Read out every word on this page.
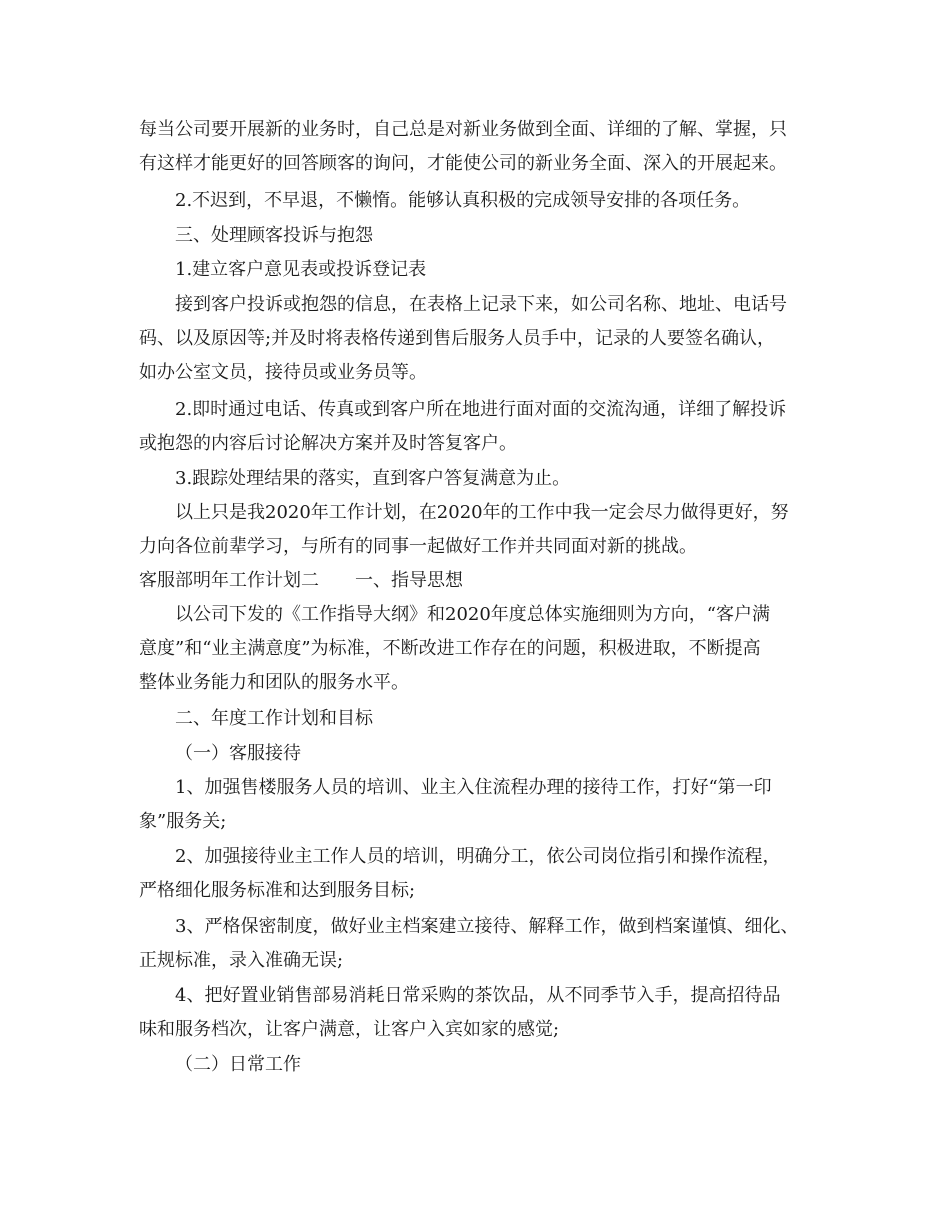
每当公司要开展新的业务时，自己总是对新业务做到全面、详细的了解、掌握，只
有这样才能更好的回答顾客的询问，才能使公司的新业务全面、深入的开展起来。
2.不迟到，不早退，不懒惰。能够认真积极的完成领导安排的各项任务。
三、处理顾客投诉与抱怨
1.建立客户意见表或投诉登记表
接到客户投诉或抱怨的信息，在表格上记录下来，如公司名称、地址、电话号
码、以及原因等;并及时将表格传递到售后服务人员手中，记录的人要签名确认，
如办公室文员，接待员或业务员等。
2.即时通过电话、传真或到客户所在地进行面对面的交流沟通，详细了解投诉
或抱怨的内容后讨论解决方案并及时答复客户。
3.跟踪处理结果的落实，直到客户答复满意为止。
以上只是我2020年工作计划，在2020年的工作中我一定会尽力做得更好，努
力向各位前辈学习，与所有的同事一起做好工作并共同面对新的挑战。
客服部明年工作计划二　　一、指导思想
以公司下发的《工作指导大纲》和2020年度总体实施细则为方向，“客户满
意度”和“业主满意度”为标准，不断改进工作存在的问题，积极进取，不断提高
整体业务能力和团队的服务水平。
二、年度工作计划和目标
（一）客服接待
1、加强售楼服务人员的培训、业主入住流程办理的接待工作，打好“第一印
象”服务关;
2、加强接待业主工作人员的培训，明确分工，依公司岗位指引和操作流程，
严格细化服务标准和达到服务目标;
3、严格保密制度，做好业主档案建立接待、解释工作，做到档案谨慎、细化、
正规标准，录入准确无误;
4、把好置业销售部易消耗日常采购的茶饮品，从不同季节入手，提高招待品
味和服务档次，让客户满意，让客户入宾如家的感觉;
（二）日常工作
